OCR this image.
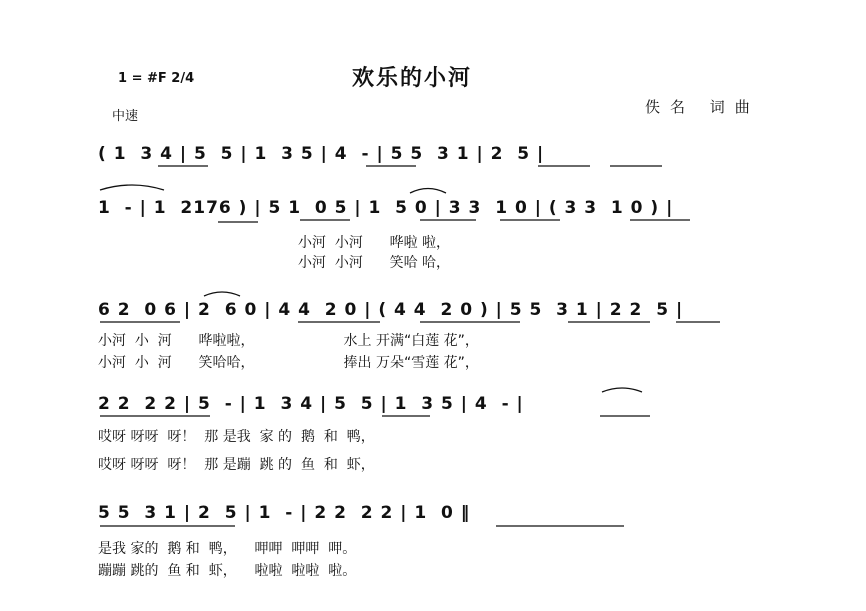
1 = #F 2/4
中速
欢乐的小河
佚名 词曲
( 1  3 4 | 5  5 | 1  3 5 | 4  - | 5 5  3 1 | 2  5 |
1  - | 1  2176 ) | 5 1  0 5 | 1  5 0 | 3 3  1 0 | ( 3 3  1 0 ) |
小河  小河      哗啦 啦，
小河  小河      笑哈 哈，
6 2  0 6 | 2  6 0 | 4 4  2 0 | ( 4 4  2 0 ) | 5 5  3 1 | 2 2  5 |
小河  小  河      哗啦啦，                    水上 开满“白莲 花”，
小河  小  河      笑哈哈，                    捧出 万朵“雪莲 花”，
2 2  2 2 | 5  - | 1  3 4 | 5  5 | 1  3 5 | 4  - |
哎呀 呀呀  呀！  那 是我  家 的  鹅  和  鸭，
哎呀 呀呀  呀！  那 是蹦  跳 的  鱼  和  虾，
5 5  3 1 | 2  5 | 1  - | 2 2  2 2 | 1  0 ‖
是我 家的  鹅 和  鸭，    呷呷  呷呷  呷。
蹦蹦 跳的  鱼 和  虾，    啦啦  啦啦  啦。
